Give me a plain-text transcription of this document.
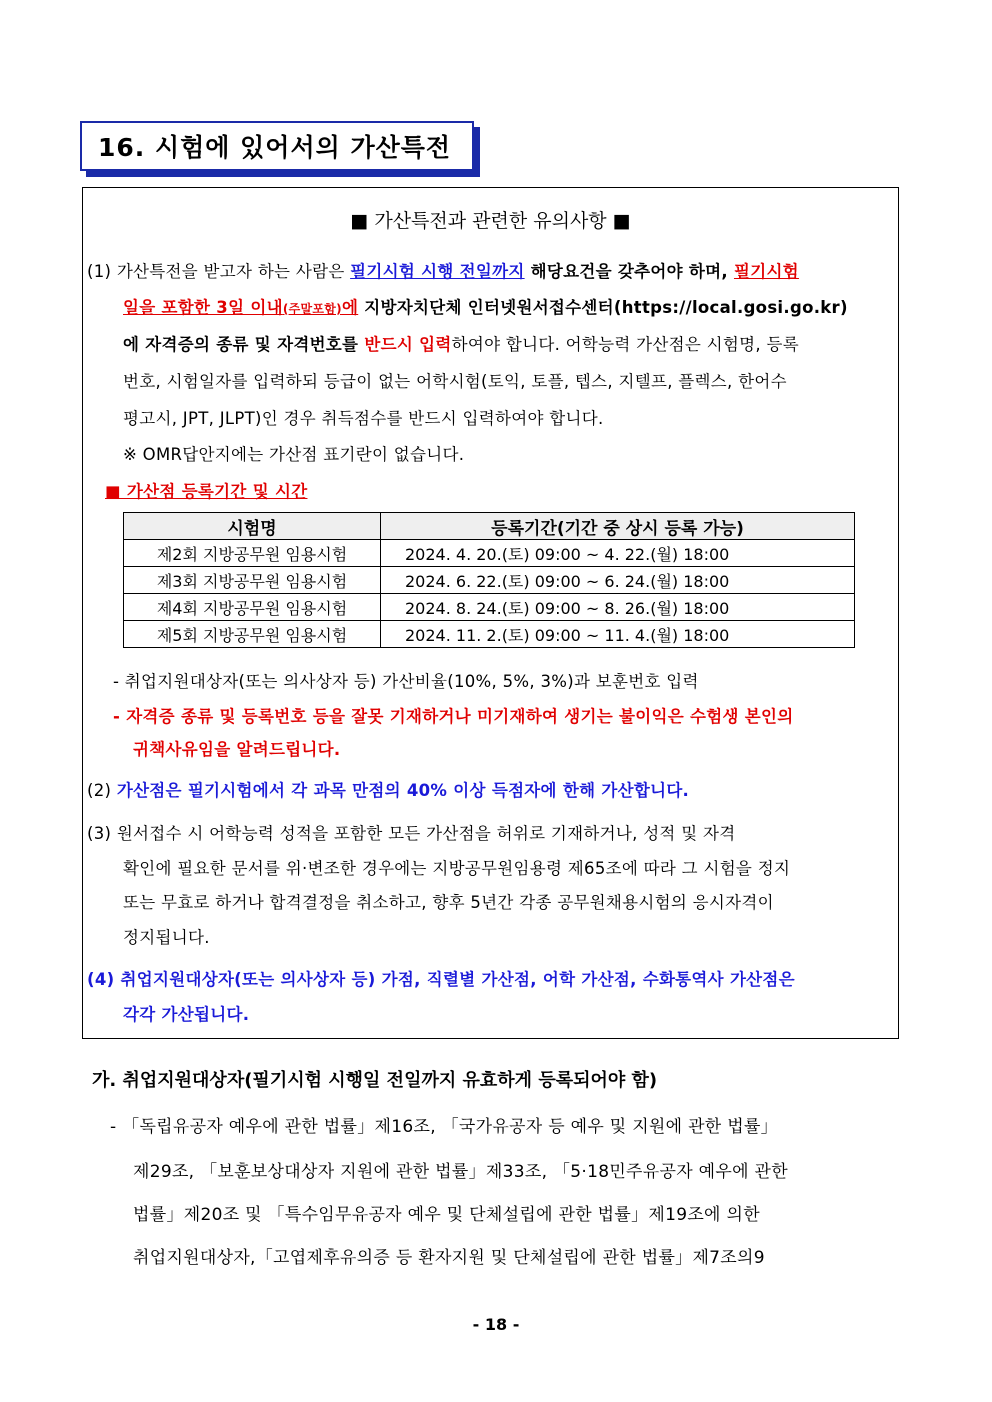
16. 시험에 있어서의 가산특전
■ 가산특전과 관련한 유의사항 ■
(1) 가산특전을 받고자 하는 사람은 필기시험 시행 전일까지 해당요건을 갖추어야 하며, 필기시험
일을 포함한 3일 이내(주말포함)에 지방자치단체 인터넷원서접수센터(https://local.gosi.go.kr)
에 자격증의 종류 및 자격번호를 반드시 입력하여야 합니다. 어학능력 가산점은 시험명, 등록
번호, 시험일자를 입력하되 등급이 없는 어학시험(토익, 토플, 텝스, 지텔프, 플렉스, 한어수
평고시, JPT, JLPT)인 경우 취득점수를 반드시 입력하여야 합니다.
※ OMR답안지에는 가산점 표기란이 없습니다.
■ 가산점 등록기간 및 시간
시험명	등록기간(기간 중 상시 등록 가능)
제2회 지방공무원 임용시험	2024. 4. 20.(토) 09:00 ~ 4. 22.(월) 18:00
제3회 지방공무원 임용시험	2024. 6. 22.(토) 09:00 ~ 6. 24.(월) 18:00
제4회 지방공무원 임용시험	2024. 8. 24.(토) 09:00 ~ 8. 26.(월) 18:00
제5회 지방공무원 임용시험	2024. 11. 2.(토) 09:00 ~ 11. 4.(월) 18:00
- 취업지원대상자(또는 의사상자 등) 가산비율(10%, 5%, 3%)과 보훈번호 입력
- 자격증 종류 및 등록번호 등을 잘못 기재하거나 미기재하여 생기는 불이익은 수험생 본인의
귀책사유임을 알려드립니다.
(2) 가산점은 필기시험에서 각 과목 만점의 40% 이상 득점자에 한해 가산합니다.
(3) 원서접수 시 어학능력 성적을 포함한 모든 가산점을 허위로 기재하거나, 성적 및 자격
확인에 필요한 문서를 위·변조한 경우에는 지방공무원임용령 제65조에 따라 그 시험을 정지
또는 무효로 하거나 합격결정을 취소하고, 향후 5년간 각종 공무원채용시험의 응시자격이
정지됩니다.
(4) 취업지원대상자(또는 의사상자 등) 가점, 직렬별 가산점, 어학 가산점, 수화통역사 가산점은
각각 가산됩니다.
가. 취업지원대상자(필기시험 시행일 전일까지 유효하게 등록되어야 함)
- 「독립유공자 예우에 관한 법률」제16조, 「국가유공자 등 예우 및 지원에 관한 법률」
제29조, 「보훈보상대상자 지원에 관한 법률」제33조, 「5·18민주유공자 예우에 관한
법률」제20조 및 「특수임무유공자 예우 및 단체설립에 관한 법률」제19조에 의한
취업지원대상자,「고엽제후유의증 등 환자지원 및 단체설립에 관한 법률」제7조의9
- 18 -
